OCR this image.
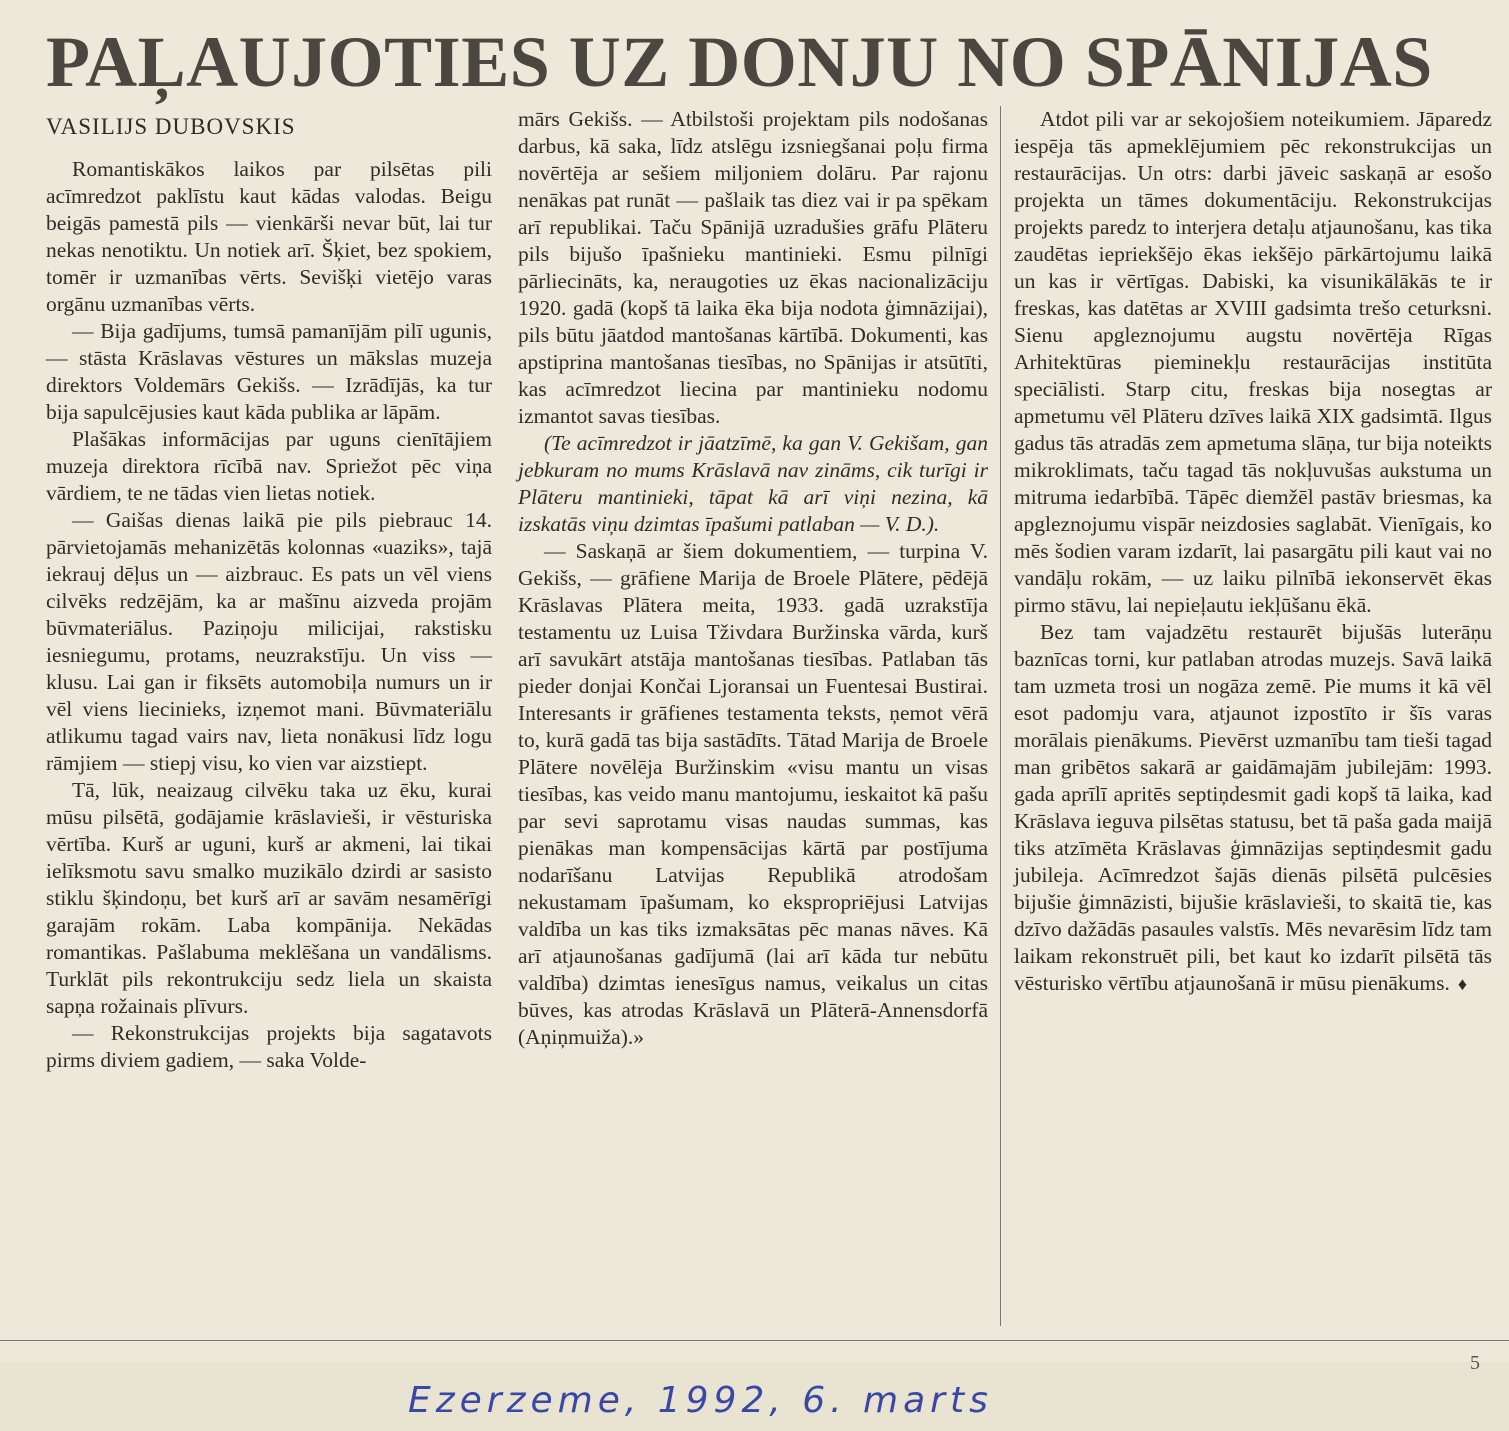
PAĻAUJOTIES UZ DONJU NO SPĀNIJAS
VASILIJS DUBOVSKIS

Romantiskākos laikos par pilsētas pili acīmredzot paklīstu kaut kādas valodas. Beigu beigās pamestā pils — vienkārši nevar būt, lai tur nekas nenotiktu. Un notiek arī. Šķiet, bez spokiem, tomēr ir uzmanības vērts. Sevišķi vietējo varas orgānu uzmanības vērts.

— Bija gadījums, tumsā pamanījām pilī ugunis, — stāsta Krāslavas vēstures un mākslas muzeja direktors Voldemārs Gekišs. — Izrādījās, ka tur bija sapulcējusies kaut kāda publika ar lāpām.

Plašākas informācijas par uguns cienītājiem muzeja direktora rīcībā nav. Spriežot pēc viņa vārdiem, te ne tādas vien lietas notiek.

— Gaišas dienas laikā pie pils piebrauc 14. pārvietojamās mehanizētās kolonnas «uaziks», tajā iekrauj dēļus un — aizbrauc. Es pats un vēl viens cilvēks redzējām, ka ar mašīnu aizveda projām būvmateriālus. Paziņoju milicijai, rakstisku iesniegumu, protams, neuzrakstīju. Un viss — klusu. Lai gan ir fiksēts automobiļa numurs un ir vēl viens liecinieks, izņemot mani. Būvmateriālu atlikumu tagad vairs nav, lieta nonākusi līdz logu rāmjiem — stiepj visu, ko vien var aizstiept.

Tā, lūk, neaizaug cilvēku taka uz ēku, kurai mūsu pilsētā, godājamie krāslavieši, ir vēsturiska vērtība. Kurš ar uguni, kurš ar akmeni, lai tikai ielīksmotu savu smalko muzikālo dzirdi ar sasisto stiklu šķindoņu, bet kurš arī ar savām nesamērīgi garajām rokām. Laba kompānija. Nekādas romantikas. Pašlabuma meklēšana un vandālisms. Turklāt pils rekontrukciju sedz liela un skaista sapņa rožainais plīvurs.

— Rekonstrukcijas projekts bija sagatavots pirms diviem gadiem, — saka Volde-

mārs Gekišs. — Atbilstoši projektam pils nodošanas darbus, kā saka, līdz atslēgu izsniegšanai poļu firma novērtēja ar sešiem miljoniem dolāru. Par rajonu nenākas pat runāt — pašlaik tas diez vai ir pa spēkam arī republikai. Taču Spānijā uzradušies grāfu Plāteru pils bijušo īpašnieku mantinieki. Esmu pilnīgi pārliecināts, ka, neraugoties uz ēkas nacionalizāciju 1920. gadā (kopš tā laika ēka bija nodota ģimnāzijai), pils būtu jāatdod mantošanas kārtībā. Dokumenti, kas apstiprina mantošanas tiesības, no Spānijas ir atsūtīti, kas acīmredzot liecina par mantinieku nodomu izmantot savas tiesības.

(Te acīmredzot ir jāatzīmē, ka gan V. Gekišam, gan jebkuram no mums Krāslavā nav zināms, cik turīgi ir Plāteru mantinieki, tāpat kā arī viņi nezina, kā izskatās viņu dzimtas īpašumi patlaban — V. D.).

— Saskaņā ar šiem dokumentiem, — turpina V. Gekišs, — grāfiene Marija de Broele Plātere, pēdējā Krāslavas Plātera meita, 1933. gadā uzrakstīja testamentu uz Luisa Tživdara Buržinska vārda, kurš arī savukārt atstāja mantošanas tiesības. Patlaban tās pieder donjai Končai Ljoransai un Fuentesai Bustirai. Interesants ir grāfienes testamenta teksts, ņemot vērā to, kurā gadā tas bija sastādīts. Tātad Marija de Broele Plātere novēlēja Buržinskim «visu mantu un visas tiesības, kas veido manu mantojumu, ieskaitot kā pašu par sevi saprotamu visas naudas summas, kas pienākas man kompensācijas kārtā par postījuma nodarīšanu Latvijas Republikā atrodošam nekustamam īpašumam, ko ekspropriējusi Latvijas valdība un kas tiks izmaksātas pēc manas nāves. Kā arī atjaunošanas gadījumā (lai arī kāda tur nebūtu valdība) dzimtas ienesīgus namus, veikalus un citas būves, kas atrodas Krāslavā un Plāterā-Annensdorfā (Aņiņmuiža).»

Atdot pili var ar sekojošiem noteikumiem. Jāparedz iespēja tās apmeklējumiem pēc rekonstrukcijas un restaurācijas. Un otrs: darbi jāveic saskaņā ar esošo projekta un tāmes dokumentāciju. Rekonstrukcijas projekts paredz to interjera detaļu atjaunošanu, kas tika zaudētas iepriekšējo ēkas iekšējo pārkārtojumu laikā un kas ir vērtīgas. Dabiski, ka visunikālākās te ir freskas, kas datētas ar XVIII gadsimta trešo ceturksni. Sienu apgleznojumu augstu novērtēja Rīgas Arhitektūras pieminekļu restaurācijas institūta speciālisti. Starp citu, freskas bija nosegtas ar apmetumu vēl Plāteru dzīves laikā XIX gadsimtā. Ilgus gadus tās atradās zem apmetuma slāņa, tur bija noteikts mikroklimats, taču tagad tās nokļuvušas aukstuma un mitruma iedarbībā. Tāpēc diemžēl pastāv briesmas, ka apgleznojumu vispār neizdosies saglabāt. Vienīgais, ko mēs šodien varam izdarīt, lai pasargātu pili kaut vai no vandāļu rokām, — uz laiku pilnībā iekonservēt ēkas pirmo stāvu, lai nepieļautu iekļūšanu ēkā.

Bez tam vajadzētu restaurēt bijušās luterāņu baznīcas torni, kur patlaban atrodas muzejs. Savā laikā tam uzmeta trosi un nogāza zemē. Pie mums it kā vēl esot padomju vara, atjaunot izpostīto ir šīs varas morālais pienākums. Pievērst uzmanību tam tieši tagad man gribētos sakarā ar gaidāmajām jubilejām: 1993. gada aprīlī apritēs septiņdesmit gadi kopš tā laika, kad Krāslava ieguva pilsētas statusu, bet tā paša gada maijā tiks atzīmēta Krāslavas ģimnāzijas septiņdesmit gadu jubileja. Acīmredzot šajās dienās pilsētā pulcēsies bijušie ģimnāzisti, bijušie krāslavieši, to skaitā tie, kas dzīvo dažādās pasaules valstīs. Mēs nevarēsim līdz tam laikam rekonstruēt pili, bet kaut ko izdarīt pilsētā tās vēsturisko vērtību atjaunošanā ir mūsu pienākums. ♦

5
Ezerzeme, 1992, 6. marts
